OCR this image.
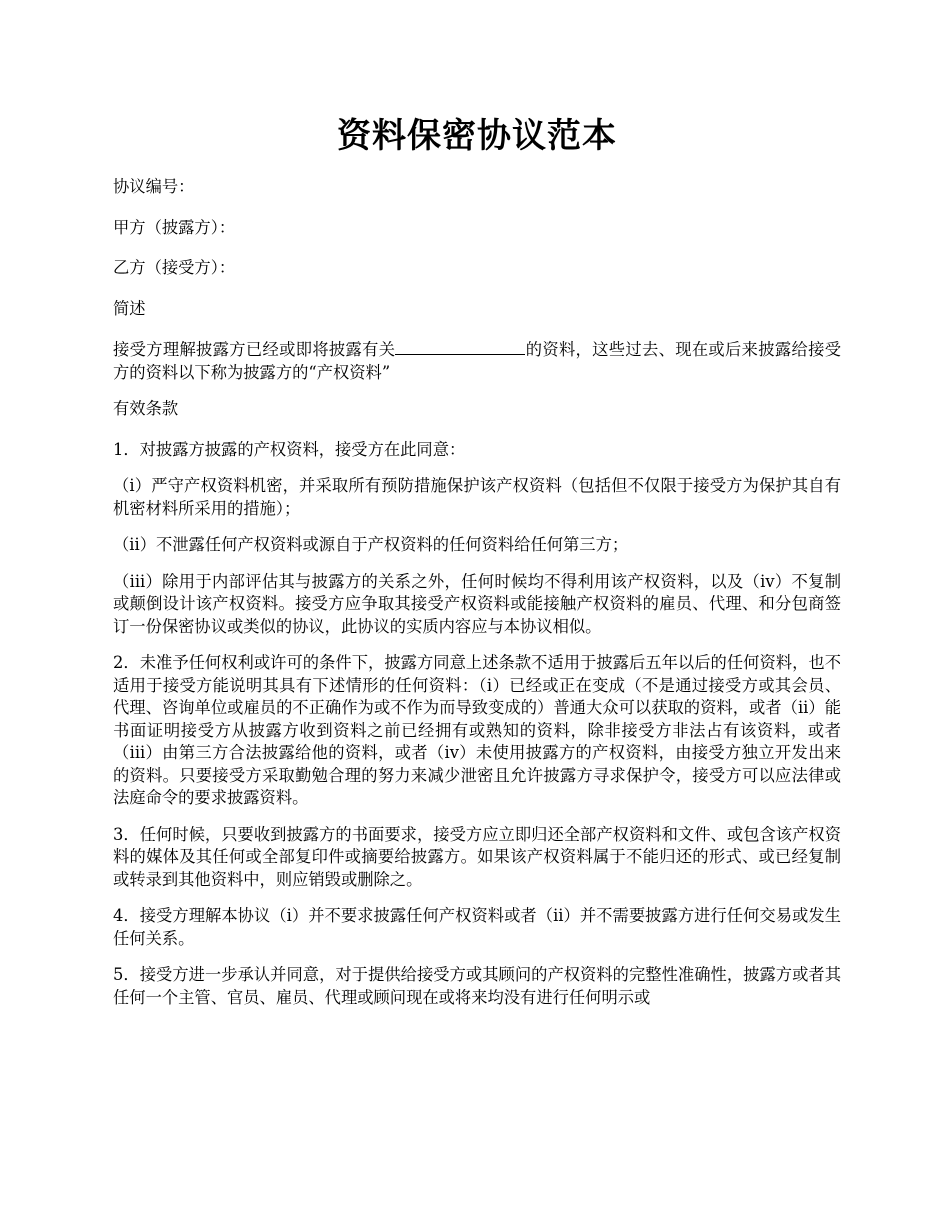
资料保密协议范本

协议编号：

甲方（披露方）：

乙方（接受方）：

简述

接受方理解披露方已经或即将披露有关	的资料，这些过去、现在或后来披露给接受方的资料以下称为披露方的“产权资料”

有效条款

1．对披露方披露的产权资料，接受方在此同意：

（i）严守产权资料机密，并采取所有预防措施保护该产权资料（包括但不仅限于接受方为保护其自有机密材料所采用的措施）；

（ii）不泄露任何产权资料或源自于产权资料的任何资料给任何第三方；

（iii）除用于内部评估其与披露方的关系之外，任何时候均不得利用该产权资料，以及（iv）不复制或颠倒设计该产权资料。接受方应争取其接受产权资料或能接触产权资料的雇员、代理、和分包商签订一份保密协议或类似的协议，此协议的实质内容应与本协议相似。

2．未准予任何权利或许可的条件下，披露方同意上述条款不适用于披露后五年以后的任何资料，也不适用于接受方能说明其具有下述情形的任何资料：（i）已经或正在变成（不是通过接受方或其会员、代理、咨询单位或雇员的不正确作为或不作为而导致变成的）普通大众可以获取的资料，或者（ii）能书面证明接受方从披露方收到资料之前已经拥有或熟知的资料，除非接受方非法占有该资料，或者（iii）由第三方合法披露给他的资料，或者（iv）未使用披露方的产权资料，由接受方独立开发出来的资料。只要接受方采取勤勉合理的努力来减少泄密且允许披露方寻求保护令，接受方可以应法律或法庭命令的要求披露资料。

3．任何时候，只要收到披露方的书面要求，接受方应立即归还全部产权资料和文件、或包含该产权资料的媒体及其任何或全部复印件或摘要给披露方。如果该产权资料属于不能归还的形式、或已经复制或转录到其他资料中，则应销毁或删除之。

4．接受方理解本协议（i）并不要求披露任何产权资料或者（ii）并不需要披露方进行任何交易或发生任何关系。

5．接受方进一步承认并同意，对于提供给接受方或其顾问的产权资料的完整性准确性，披露方或者其任何一个主管、官员、雇员、代理或顾问现在或将来均没有进行任何明示或
